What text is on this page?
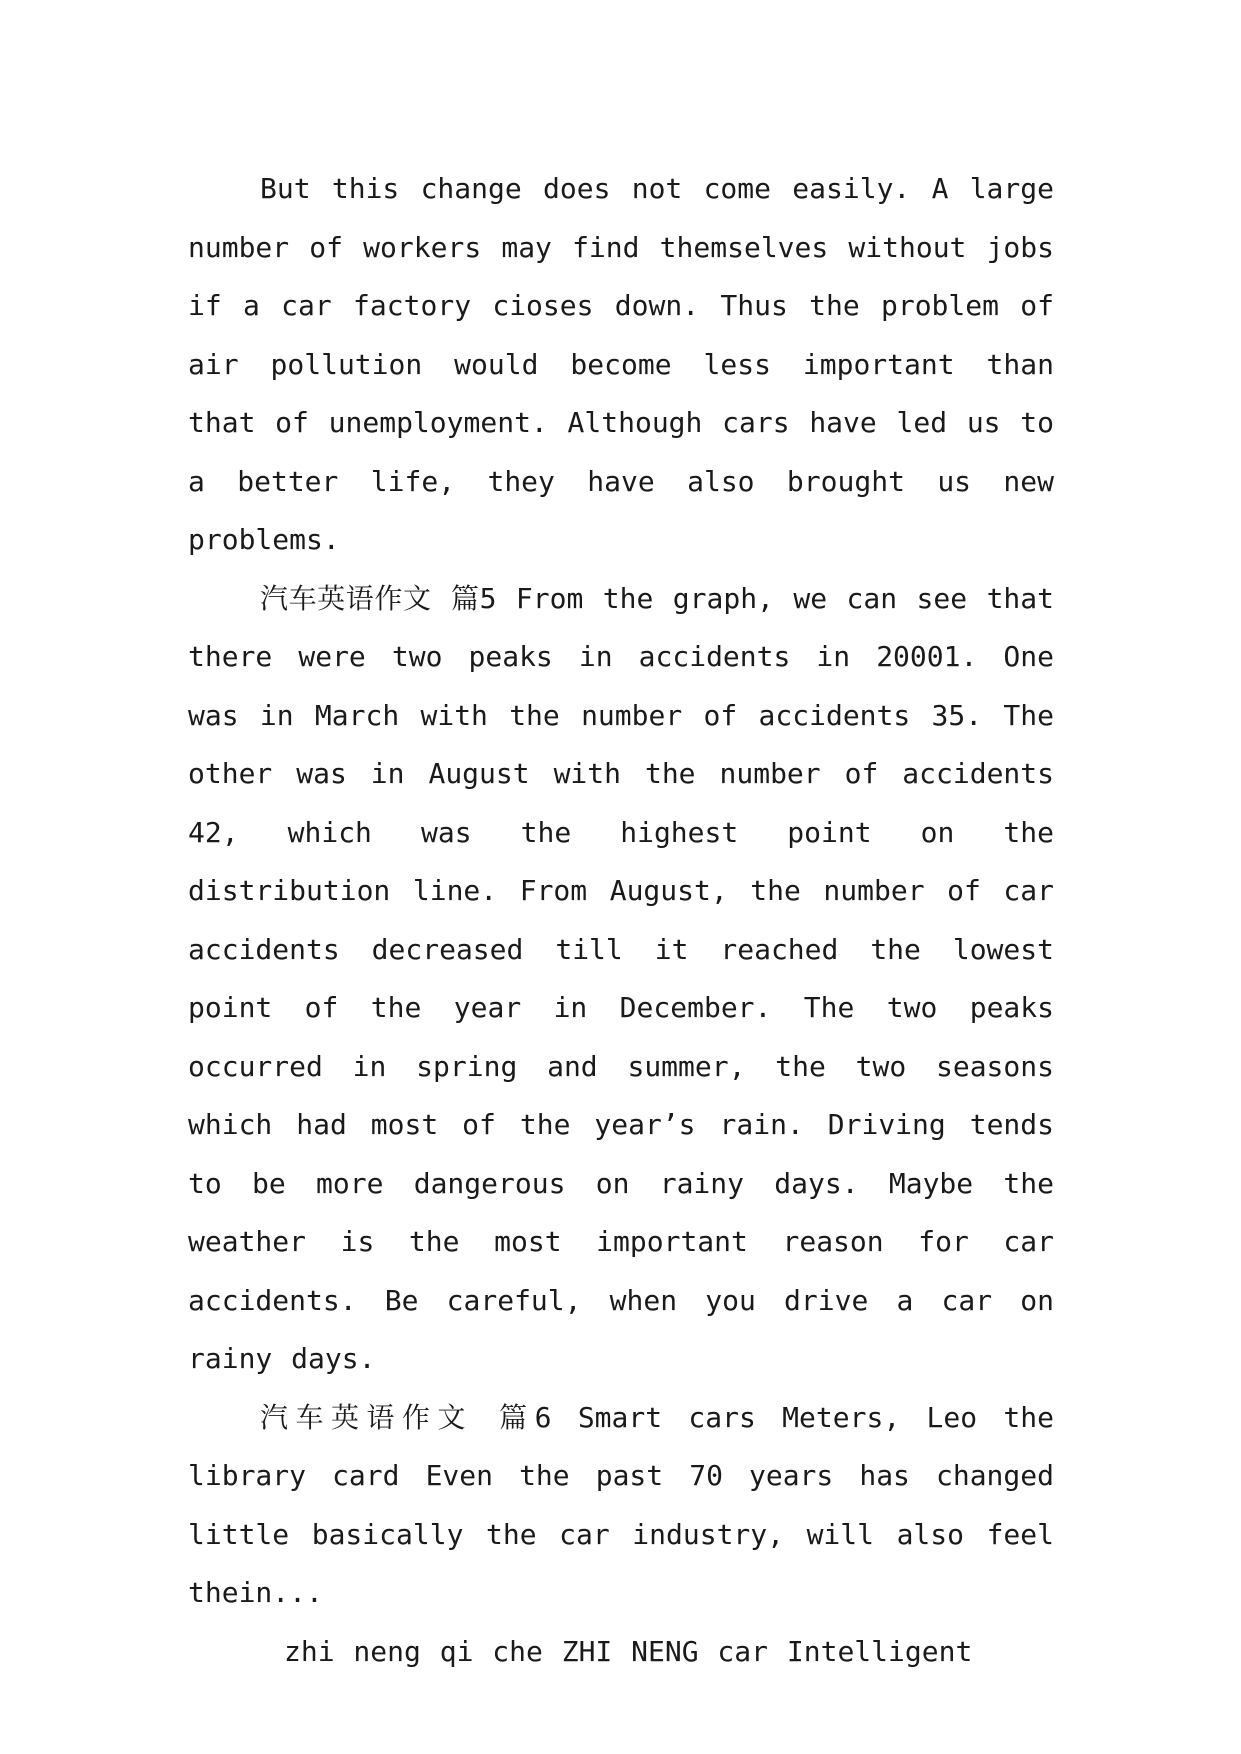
But this change does not come easily. A large number of workers may find themselves without jobs if a car factory cioses down. Thus the problem of air pollution would become less important than that of unemployment. Although cars have led us to a better life, they have also brought us new problems.

汽车英语作文 篇5 From the graph, we can see that there were two peaks in accidents in 20001. One was in March with the number of accidents 35. The other was in August with the number of accidents 42, which was the highest point on the distribution line. From August, the number of car accidents decreased till it reached the lowest point of the year in December. The two peaks occurred in spring and summer, the two seasons which had most of the year’s rain. Driving tends to be more dangerous on rainy days. Maybe the weather is the most important reason for car accidents. Be careful, when you drive a car on rainy days.

汽车英语作文 篇6 Smart cars Meters, Leo the library card Even the past 70 years has changed little basically the car industry, will also feel thein...

zhi neng qi che ZHI NENG car Intelligent
